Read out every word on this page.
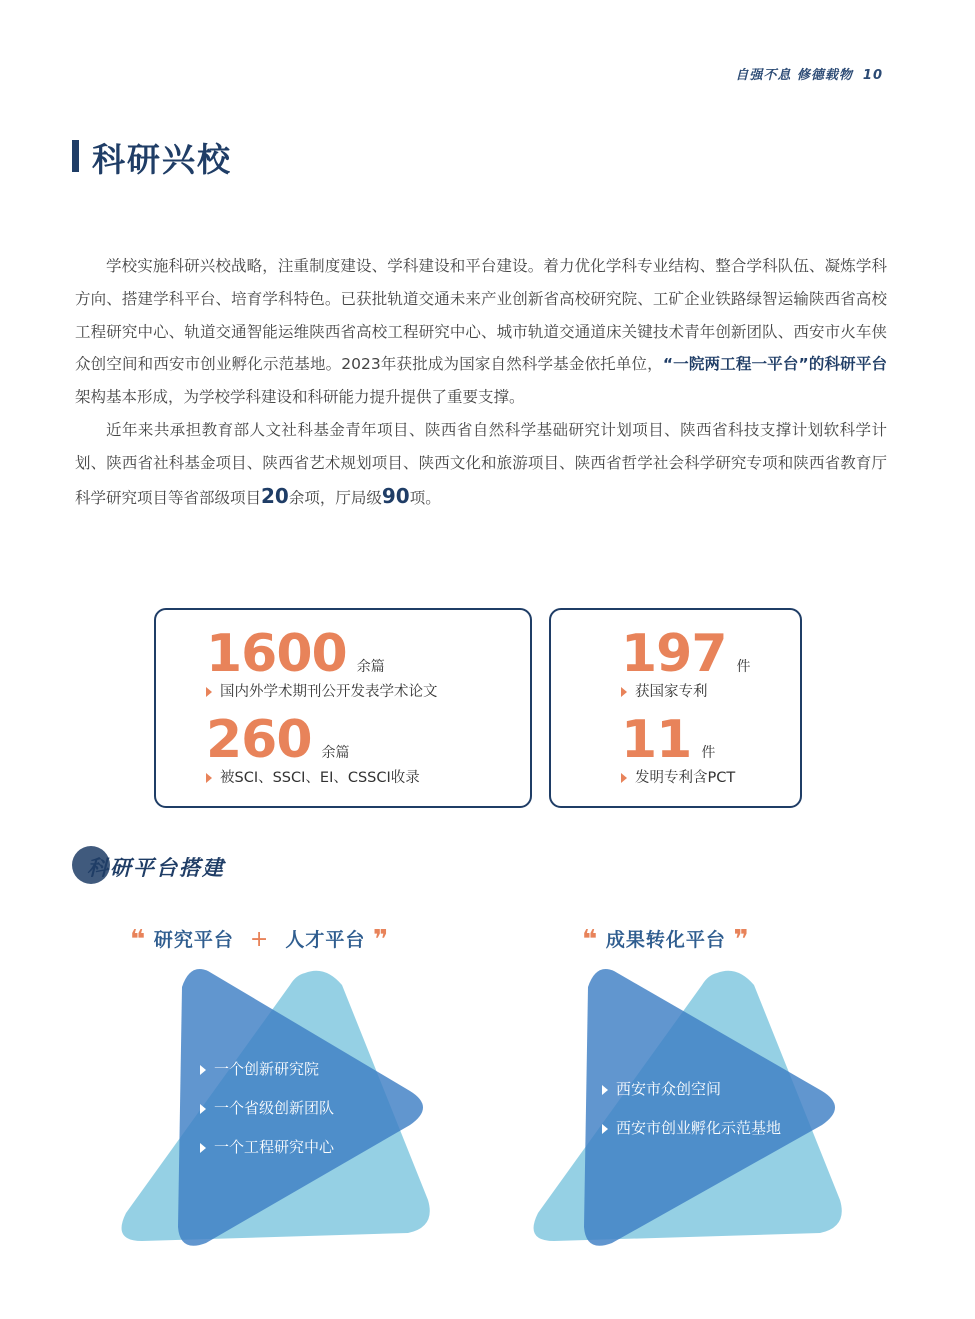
自强不息 修德载物 10
科研兴校

学校实施科研兴校战略，注重制度建设、学科建设和平台建设。着力优化学科专业结构、整合学科队伍、凝炼学科方向、搭建学科平台、培育学科特色。已获批轨道交通未来产业创新省高校研究院、工矿企业铁路绿智运输陕西省高校工程研究中心、轨道交通智能运维陕西省高校工程研究中心、城市轨道交通道床关键技术青年创新团队、西安市火车侠众创空间和西安市创业孵化示范基地。2023年获批成为国家自然科学基金依托单位，“一院两工程一平台”的科研平台架构基本形成，为学校学科建设和科研能力提升提供了重要支撑。

近年来共承担教育部人文社科基金青年项目、陕西省自然科学基础研究计划项目、陕西省科技支撑计划软科学计划、陕西省社科基金项目、陕西省艺术规划项目、陕西文化和旅游项目、陕西省哲学社会科学研究专项和陕西省教育厅科学研究项目等省部级项目20余项，厅局级90项。

1600 余篇
国内外学术期刊公开发表学术论文
260 余篇
被SCI、SSCI、EI、CSSCI收录
197 件
获国家专利
11 件
发明专利含PCT
科研平台搭建
❝ 研究平台 + 人才平台 ❞	❝ 成果转化平台 ❞
一个创新研究院
一个省级创新团队
一个工程研究中心
西安市众创空间
西安市创业孵化示范基地
